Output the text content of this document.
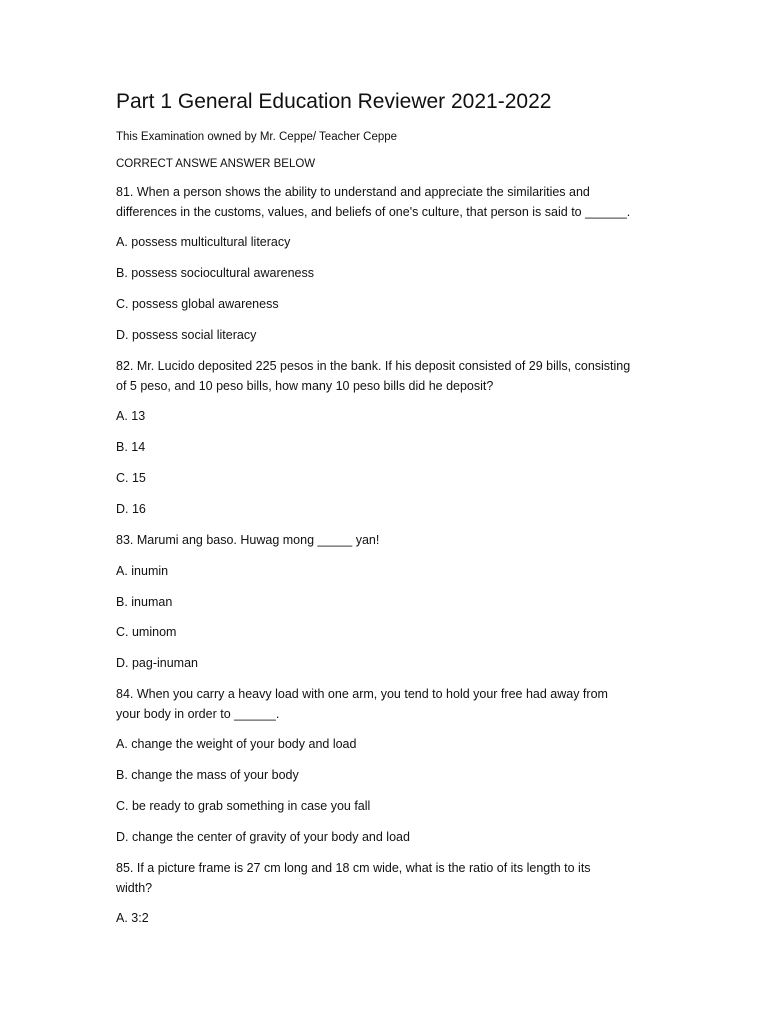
Part 1 General Education Reviewer 2021-2022
This Examination owned by Mr. Ceppe/ Teacher Ceppe
CORRECT ANSWE ANSWER BELOW
81. When a person shows the ability to understand and appreciate the similarities and
differences in the customs, values, and beliefs of one's culture, that person is said to ______.
A. possess multicultural literacy
B. possess sociocultural awareness
C. possess global awareness
D. possess social literacy
82. Mr. Lucido deposited 225 pesos in the bank. If his deposit consisted of 29 bills, consisting
of 5 peso, and 10 peso bills, how many 10 peso bills did he deposit?
A. 13
B. 14
C. 15
D. 16
83. Marumi ang baso. Huwag mong _____ yan!
A. inumin
B. inuman
C. uminom
D. pag-inuman
84. When you carry a heavy load with one arm, you tend to hold your free had away from
your body in order to ______.
A. change the weight of your body and load
B. change the mass of your body
C. be ready to grab something in case you fall
D. change the center of gravity of your body and load
85. If a picture frame is 27 cm long and 18 cm wide, what is the ratio of its length to its
width?
A. 3:2
